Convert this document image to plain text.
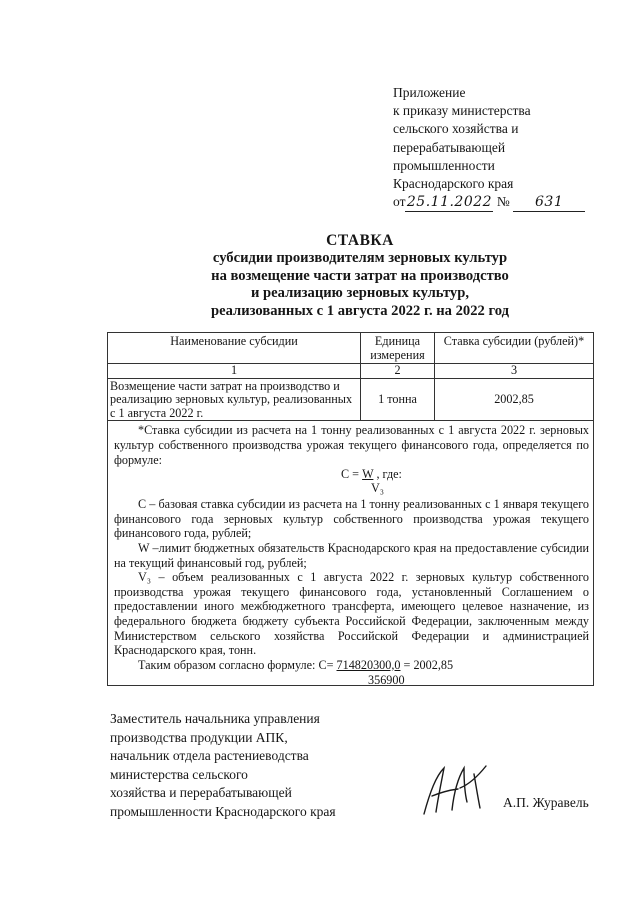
Приложение
к приказу министерства
сельского хозяйства и
перерабатывающей
промышленности
Краснодарского края
от25.11.2022 № 631
СТАВКА
субсидии производителям зерновых культур
на возмещение части затрат на производство
и реализацию зерновых культур,
реализованных с 1 августа 2022 г. на 2022 год
Наименование субсидии	Единица измерения	Ставка субсидии (рублей)*

1	2	3
Возмещение части затрат на производство и реализацию зерновых культур, реализованных с 1 августа 2022 г.	1 тонна	2002,85

*Ставка субсидии из расчета на 1 тонну реализованных с 1 августа 2022 г. зерновых культур собственного производства урожая текущего финансового года, определяется по формуле:

С = W , где:
V₃

С – базовая ставка субсидии из расчета на 1 тонну реализованных с 1 января текущего финансового года зерновых культур собственного производства урожая текущего финансового года, рублей;

W –лимит бюджетных обязательств Краснодарского края на предоставление субсидии на текущий финансовый год, рублей;

V₃ – объем реализованных с 1 августа 2022 г. зерновых культур собственного производства урожая текущего финансового года, установленный Соглашением о предоставлении иного межбюджетного трансферта, имеющего целевое назначение, из федерального бюджета бюджету субъекта Российской Федерации, заключенным между Министерством сельского хозяйства Российской Федерации и администрацией Краснодарского края, тонн.

Таким образом согласно формуле: С= 714820300,0 = 2002,85
356900
Заместитель начальника управления
производства продукции АПК,
начальник отдела растениеводства
министерства сельского
хозяйства и перерабатывающей
промышленности Краснодарского края
А.П. Журавель
